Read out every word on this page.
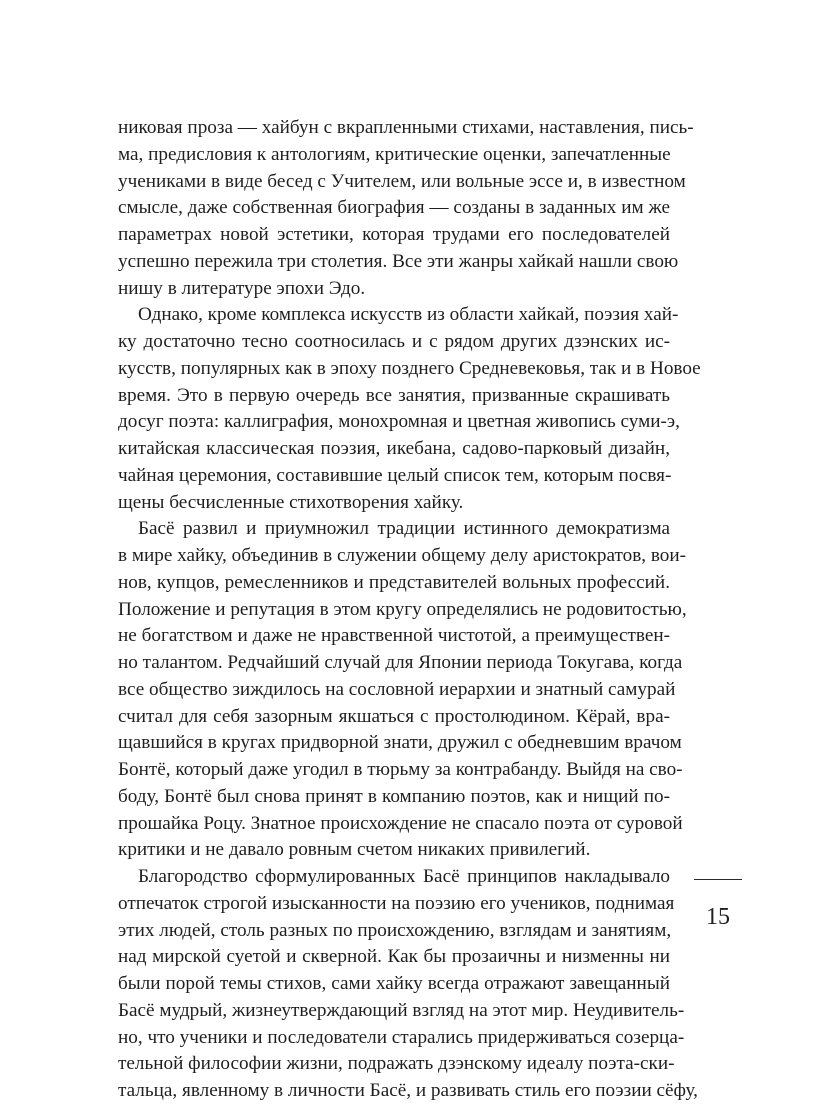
никовая проза — хайбун с вкрапленными стихами, наставления, пись-
ма, предисловия к антологиям, критические оценки, запечатленные
учениками в виде бесед с Учителем, или вольные эссе и, в известном
смысле, даже собственная биография — созданы в заданных им же
параметрах новой эстетики, которая трудами его последователей
успешно пережила три столетия. Все эти жанры хайкай нашли свою
нишу в литературе эпохи Эдо.
Однако, кроме комплекса искусств из области хайкай, поэзия хай-
ку достаточно тесно соотносилась и с рядом других дзэнских ис-
кусств, популярных как в эпоху позднего Средневековья, так и в Новое
время. Это в первую очередь все занятия, призванные скрашивать
досуг поэта: каллиграфия, монохромная и цветная живопись суми-э,
китайская классическая поэзия, икебана, садово-парковый дизайн,
чайная церемония, составившие целый список тем, которым посвя-
щены бесчисленные стихотворения хайку.
Басё развил и приумножил традиции истинного демократизма
в мире хайку, объединив в служении общему делу аристократов, вои-
нов, купцов, ремесленников и представителей вольных профессий.
Положение и репутация в этом кругу определялись не родовитостью,
не богатством и даже не нравственной чистотой, а преимуществен-
но талантом. Редчайший случай для Японии периода Токугава, когда
все общество зиждилось на сословной иерархии и знатный самурай
считал для себя зазорным якшаться с простолюдином. Кёрай, вра-
щавшийся в кругах придворной знати, дружил с обедневшим врачом
Бонтё, который даже угодил в тюрьму за контрабанду. Выйдя на сво-
боду, Бонтё был снова принят в компанию поэтов, как и нищий по-
прошайка Роцу. Знатное происхождение не спасало поэта от суровой
критики и не давало ровным счетом никаких привилегий.
Благородство сформулированных Басё принципов накладывало
отпечаток строгой изысканности на поэзию его учеников, поднимая
этих людей, столь разных по происхождению, взглядам и занятиям,
над мирской суетой и скверной. Как бы прозаичны и низменны ни
были порой темы стихов, сами хайку всегда отражают завещанный
Басё мудрый, жизнеутверждающий взгляд на этот мир. Неудивитель-
но, что ученики и последователи старались придерживаться созерца-
тельной философии жизни, подражать дзэнскому идеалу поэта-ски-
тальца, явленному в личности Басё, и развивать стиль его поэзии сёфу,
15
